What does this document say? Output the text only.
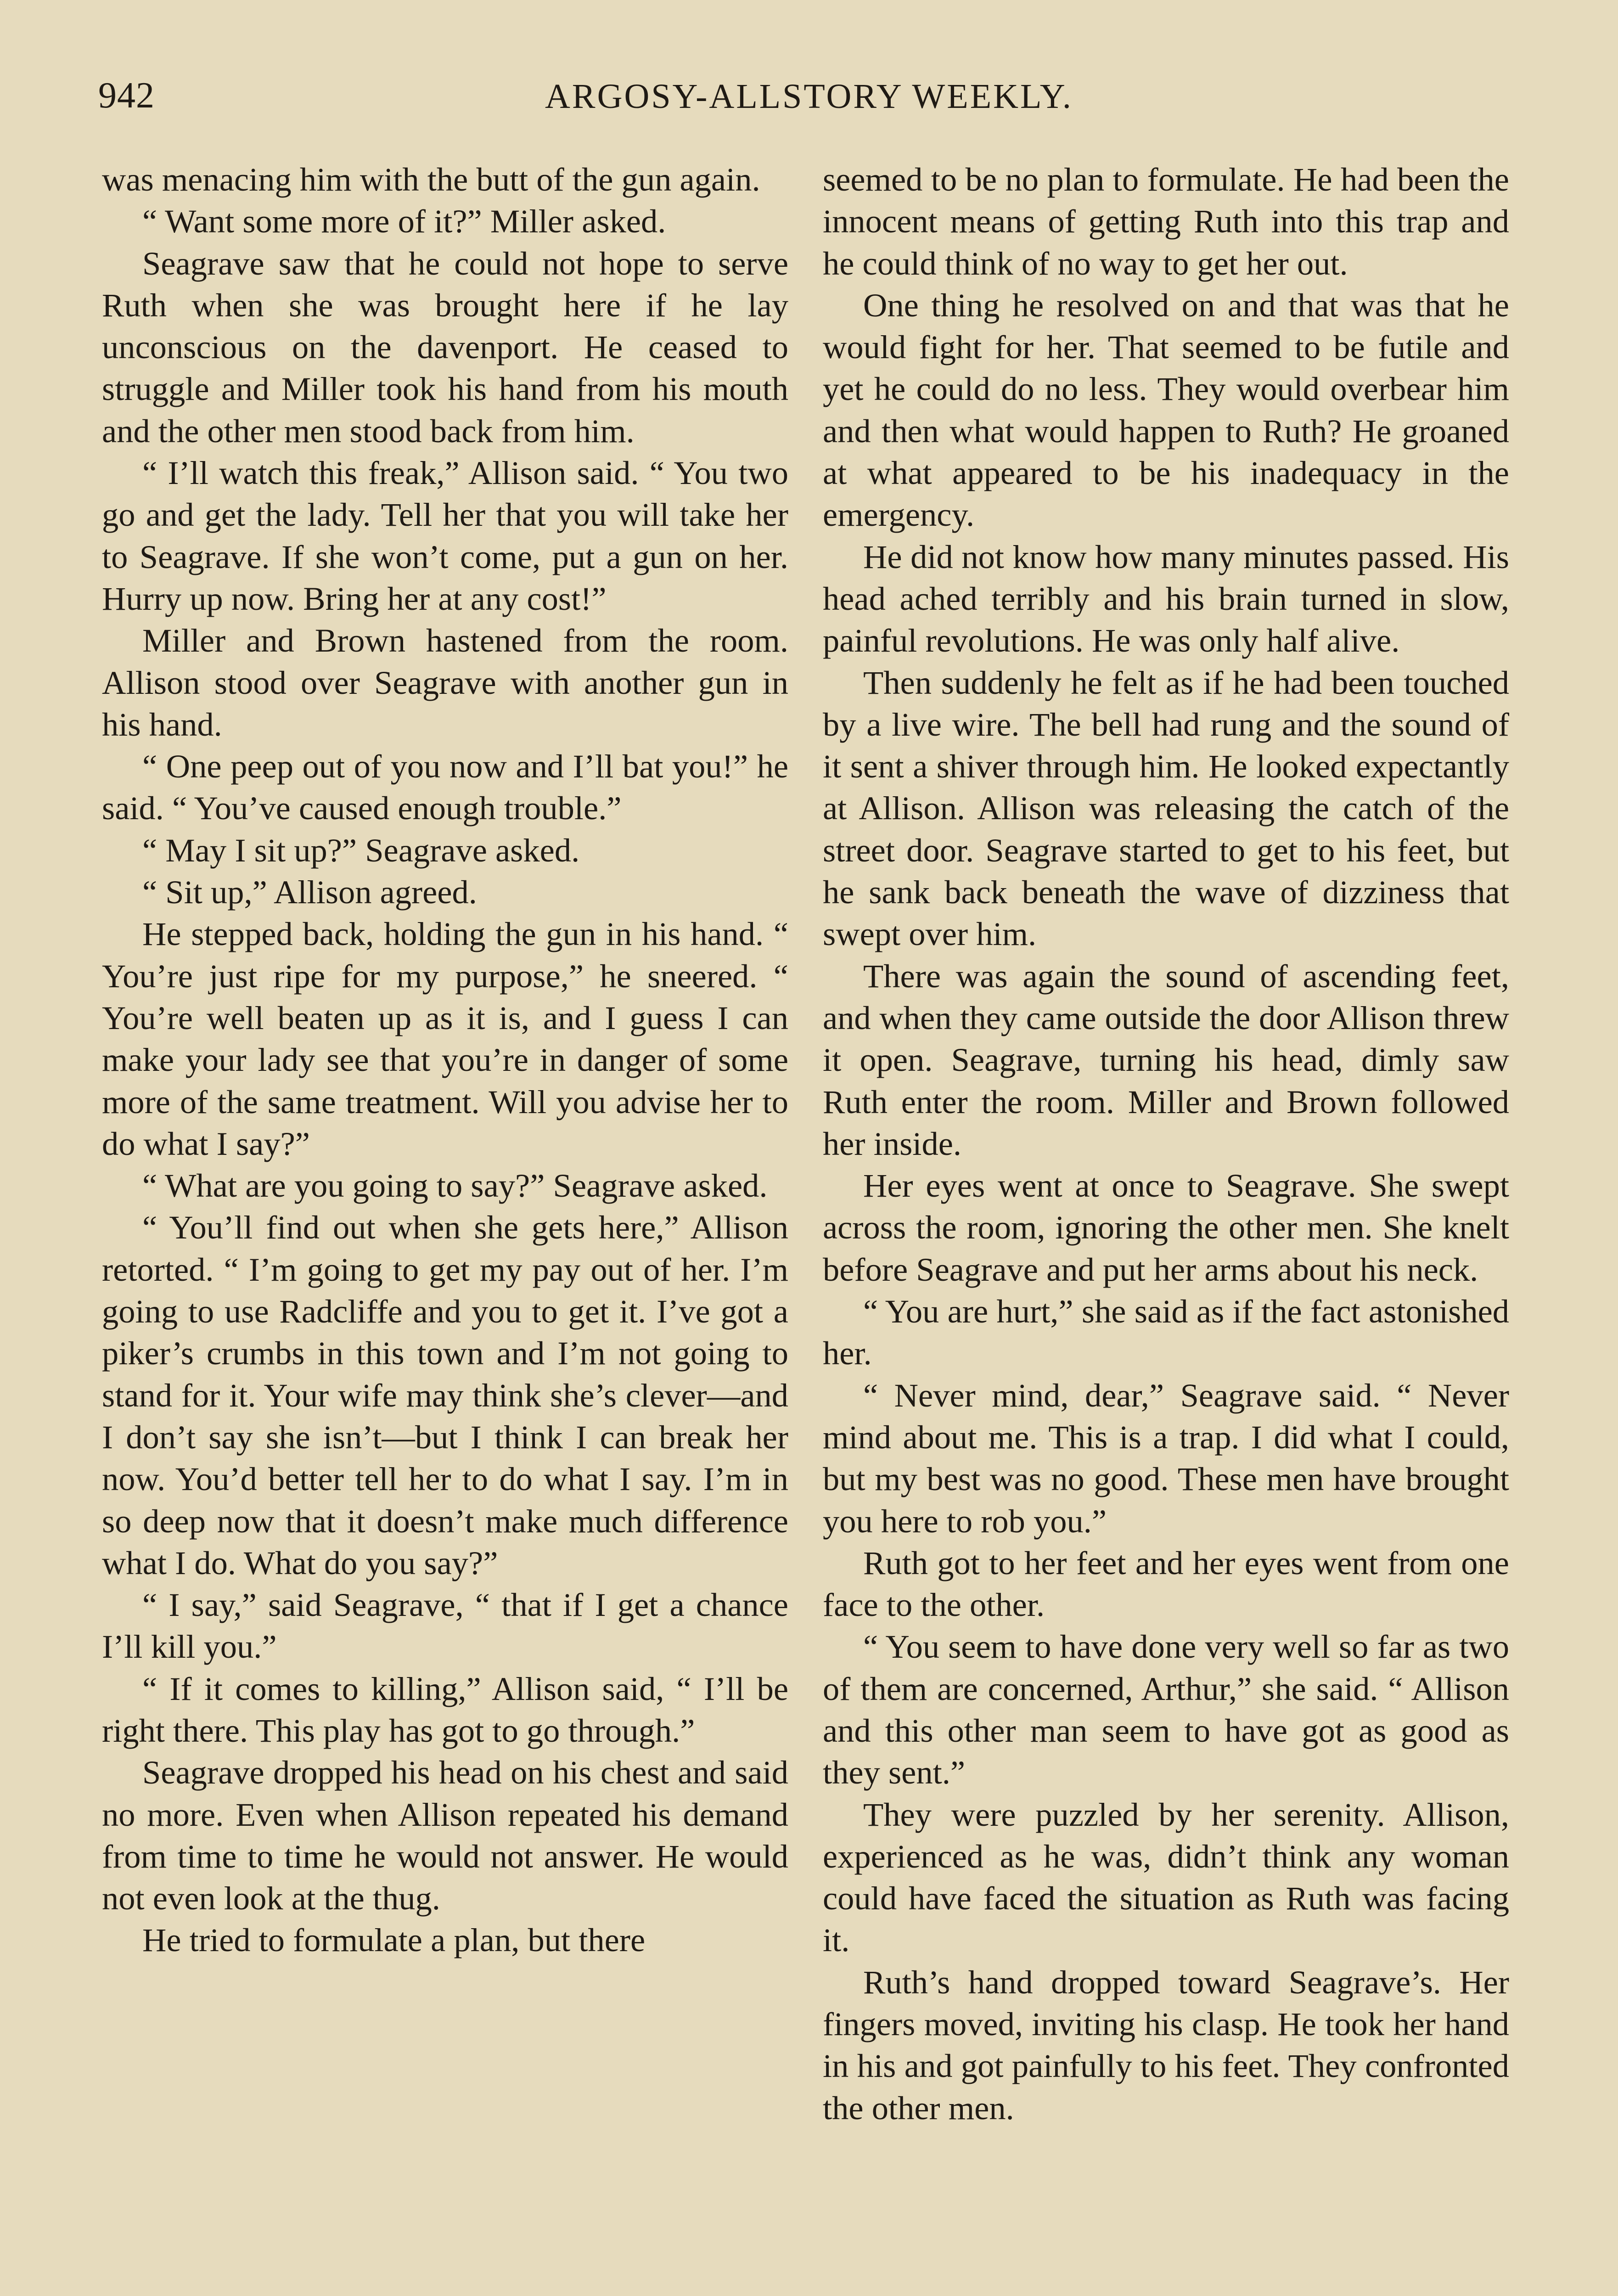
942	ARGOSY-ALLSTORY WEEKLY.

was menacing him with the butt of the gun again.

“ Want some more of it?” Miller asked.

Seagrave saw that he could not hope to serve Ruth when she was brought here if he lay unconscious on the davenport. He ceased to struggle and Miller took his hand from his mouth and the other men stood back from him.

“ I’ll watch this freak,” Allison said. “ You two go and get the lady. Tell her that you will take her to Seagrave. If she won’t come, put a gun on her. Hurry up now. Bring her at any cost!”

Miller and Brown hastened from the room. Allison stood over Seagrave with another gun in his hand.

“ One peep out of you now and I’ll bat you!” he said. “ You’ve caused enough trouble.”

“ May I sit up?” Seagrave asked.

“ Sit up,” Allison agreed.

He stepped back, holding the gun in his hand. “ You’re just ripe for my purpose,” he sneered. “ You’re well beaten up as it is, and I guess I can make your lady see that you’re in danger of some more of the same treatment. Will you advise her to do what I say?”

“ What are you going to say?” Seagrave asked.

“ You’ll find out when she gets here,” Allison retorted. “ I’m going to get my pay out of her. I’m going to use Radcliffe and you to get it. I’ve got a piker’s crumbs in this town and I’m not going to stand for it. Your wife may think she’s clever—and I don’t say she isn’t—but I think I can break her now. You’d better tell her to do what I say. I’m in so deep now that it doesn’t make much difference what I do. What do you say?”

“ I say,” said Seagrave, “ that if I get a chance I’ll kill you.”

“ If it comes to killing,” Allison said, “ I’ll be right there. This play has got to go through.”

Seagrave dropped his head on his chest and said no more. Even when Allison repeated his demand from time to time he would not answer. He would not even look at the thug.

He tried to formulate a plan, but there

seemed to be no plan to formulate. He had been the innocent means of getting Ruth into this trap and he could think of no way to get her out.

One thing he resolved on and that was that he would fight for her. That seemed to be futile and yet he could do no less. They would overbear him and then what would happen to Ruth? He groaned at what appeared to be his inadequacy in the emergency.

He did not know how many minutes passed. His head ached terribly and his brain turned in slow, painful revolutions. He was only half alive.

Then suddenly he felt as if he had been touched by a live wire. The bell had rung and the sound of it sent a shiver through him. He looked expectantly at Allison. Allison was releasing the catch of the street door. Seagrave started to get to his feet, but he sank back beneath the wave of dizziness that swept over him.

There was again the sound of ascending feet, and when they came outside the door Allison threw it open. Seagrave, turning his head, dimly saw Ruth enter the room. Miller and Brown followed her inside.

Her eyes went at once to Seagrave. She swept across the room, ignoring the other men. She knelt before Seagrave and put her arms about his neck.

“ You are hurt,” she said as if the fact astonished her.

“ Never mind, dear,” Seagrave said. “ Never mind about me. This is a trap. I did what I could, but my best was no good. These men have brought you here to rob you.”

Ruth got to her feet and her eyes went from one face to the other.

“ You seem to have done very well so far as two of them are concerned, Arthur,” she said. “ Allison and this other man seem to have got as good as they sent.”

They were puzzled by her serenity. Allison, experienced as he was, didn’t think any woman could have faced the situation as Ruth was facing it.

Ruth’s hand dropped toward Seagrave’s. Her fingers moved, inviting his clasp. He took her hand in his and got painfully to his feet. They confronted the other men.
